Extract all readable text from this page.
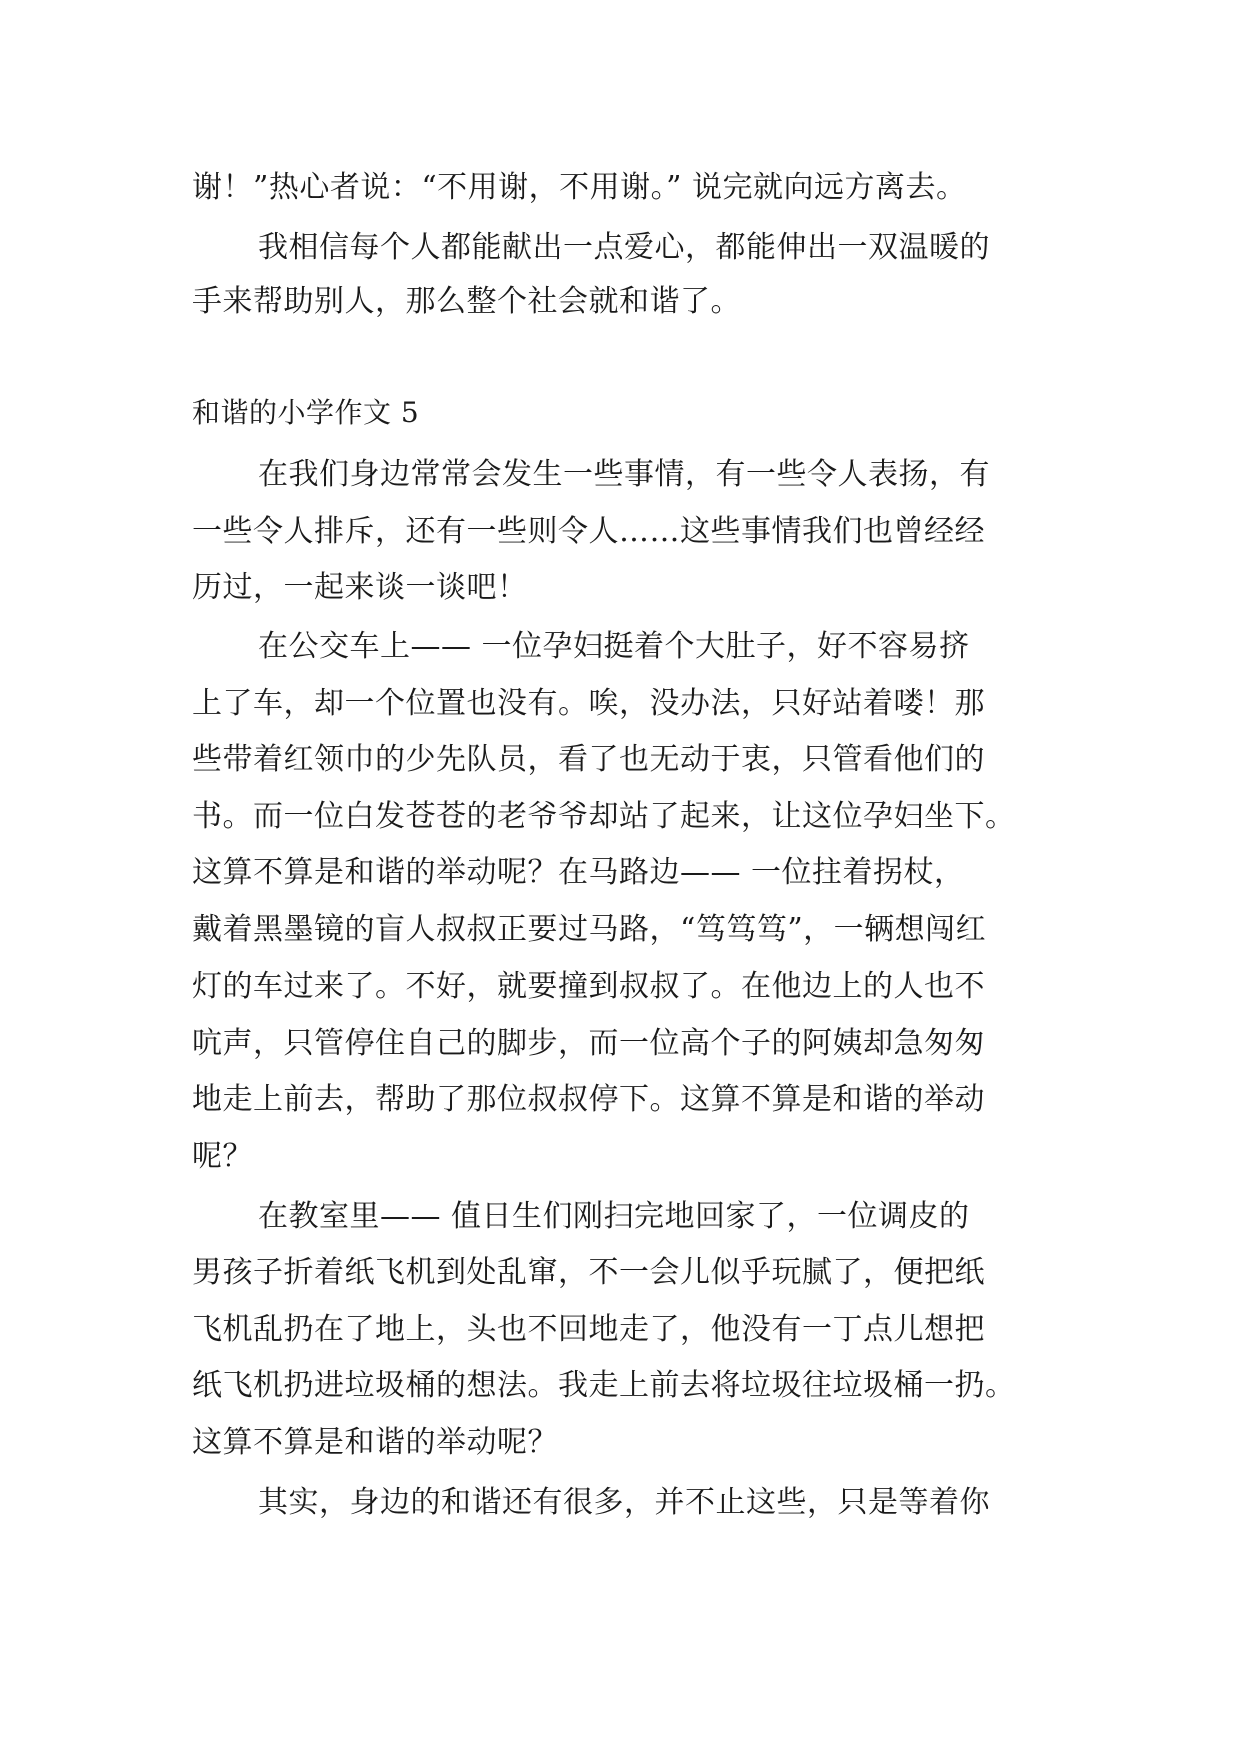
谢！”热心者说：“不用谢，不用谢。” 说完就向远方离去。
我相信每个人都能献出一点爱心，都能伸出一双温暖的
手来帮助别人，那么整个社会就和谐了。
和谐的小学作文 5
在我们身边常常会发生一些事情，有一些令人表扬，有
一些令人排斥，还有一些则令人……这些事情我们也曾经经
历过，一起来谈一谈吧！
在公交车上—— 一位孕妇挺着个大肚子，好不容易挤
上了车，却一个位置也没有。唉，没办法，只好站着喽！那
些带着红领巾的少先队员，看了也无动于衷，只管看他们的
书。而一位白发苍苍的老爷爷却站了起来，让这位孕妇坐下。
这算不算是和谐的举动呢？在马路边—— 一位拄着拐杖，
戴着黑墨镜的盲人叔叔正要过马路，“笃笃笃”，一辆想闯红
灯的车过来了。不好，就要撞到叔叔了。在他边上的人也不
吭声，只管停住自己的脚步，而一位高个子的阿姨却急匆匆
地走上前去，帮助了那位叔叔停下。这算不算是和谐的举动
呢？
在教室里—— 值日生们刚扫完地回家了，一位调皮的
男孩子折着纸飞机到处乱窜，不一会儿似乎玩腻了，便把纸
飞机乱扔在了地上，头也不回地走了，他没有一丁点儿想把
纸飞机扔进垃圾桶的想法。我走上前去将垃圾往垃圾桶一扔。
这算不算是和谐的举动呢？
其实，身边的和谐还有很多，并不止这些，只是等着你
